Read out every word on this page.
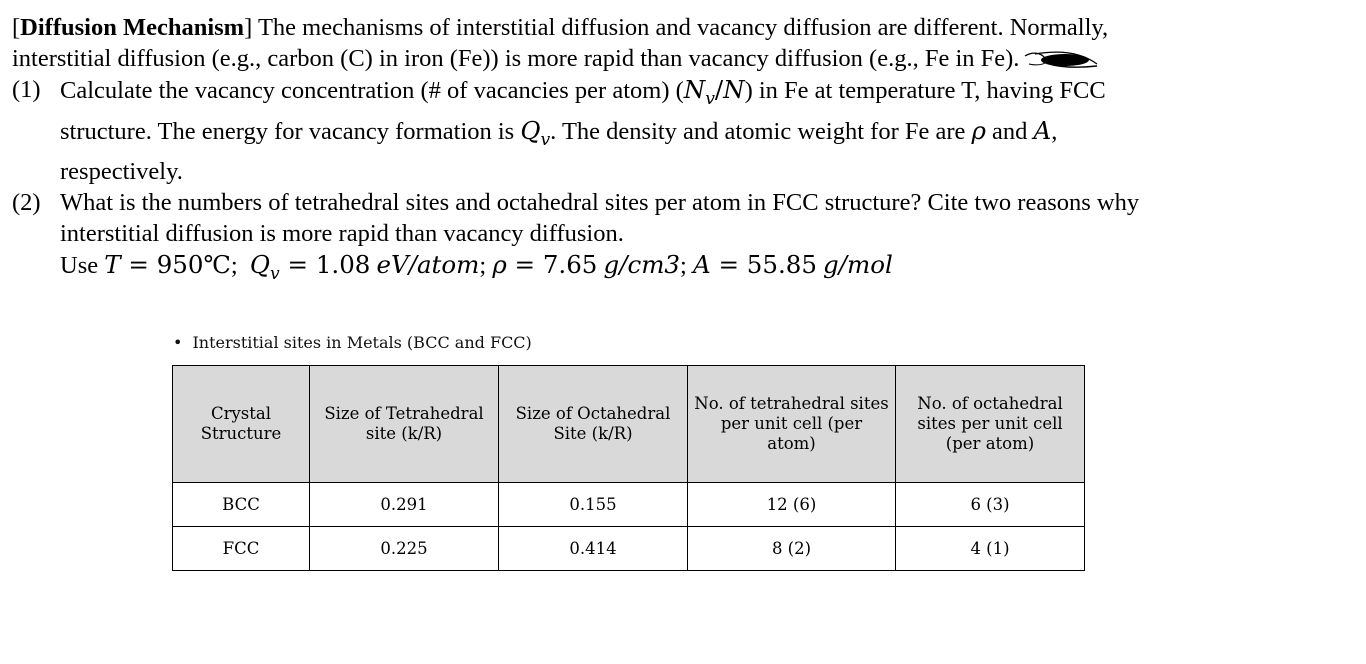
[Diffusion Mechanism] The mechanisms of interstitial diffusion and vacancy diffusion are different. Normally,
interstitial diffusion (e.g., carbon (C) in iron (Fe)) is more rapid than vacancy diffusion (e.g., Fe in Fe).
(1) Calculate the vacancy concentration (# of vacancies per atom) $(N_v/N)$ in Fe at temperature T, having FCC
structure. The energy for vacancy formation is $Q_v$. The density and atomic weight for Fe are ρ and A,
respectively.
(2) What is the numbers of tetrahedral sites and octahedral sites per atom in FCC structure? Cite two reasons why
interstitial diffusion is more rapid than vacancy diffusion.
Use T = 950℃;  $Q_v = 1.08$ eV/atom; ρ = 7.65 g/cm3; A = 55.85 g/mol
• Interstitial sites in Metals (BCC and FCC)
Crystal Structure	Size of Tetrahedral site (k/R)	Size of Octahedral Site (k/R)	No. of tetrahedral sites per unit cell (per atom)	No. of octahedral sites per unit cell (per atom)
BCC	0.291	0.155	12 (6)	6 (3)
FCC	0.225	0.414	8 (2)	4 (1)
